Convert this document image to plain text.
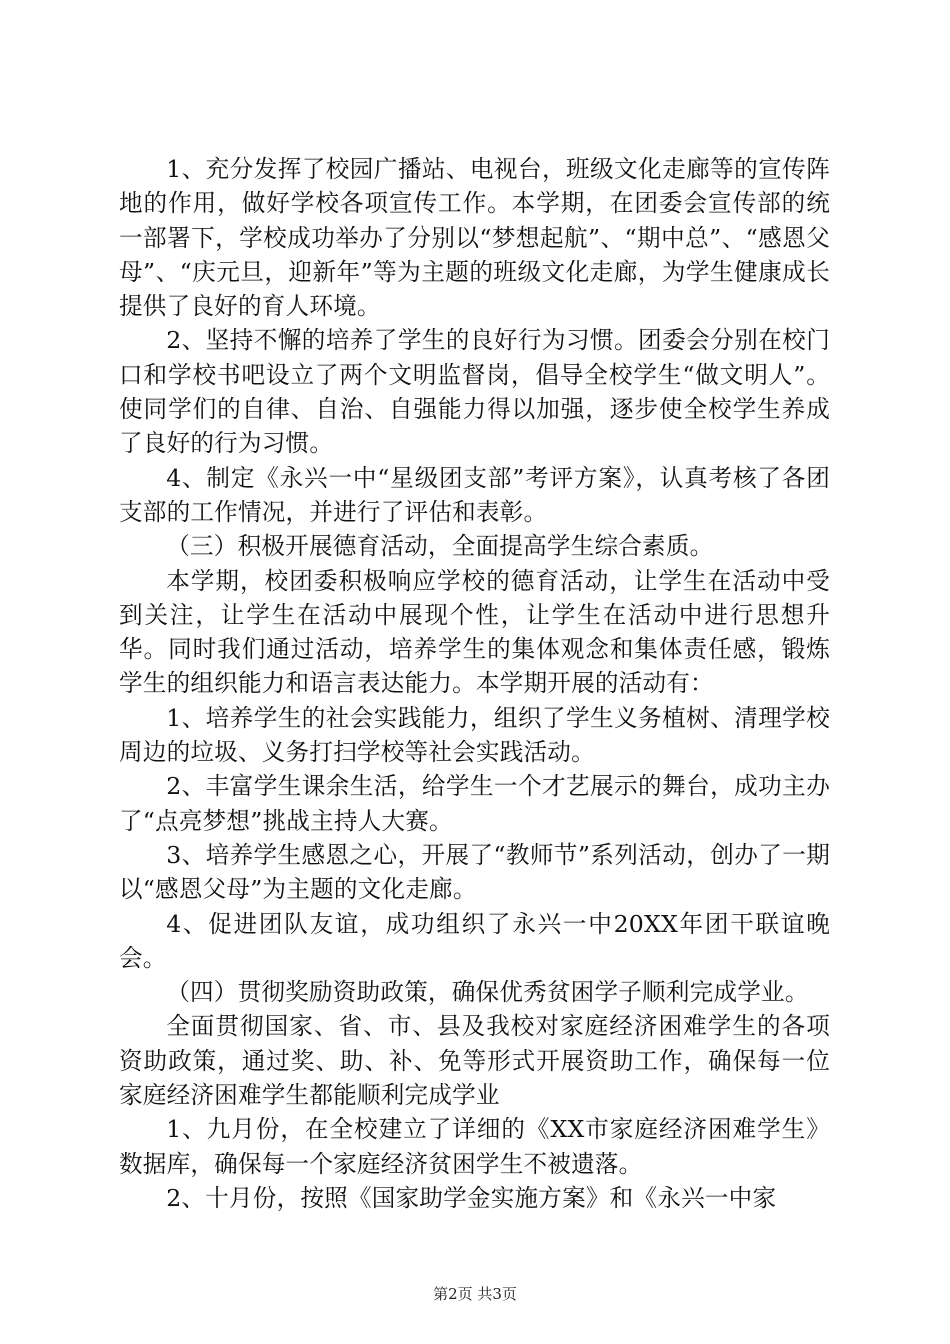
1、充分发挥了校园广播站、电视台，班级文化走廊等的宣传阵地的作用，做好学校各项宣传工作。本学期，在团委会宣传部的统一部署下，学校成功举办了分别以“梦想起航”、“期中总”、“感恩父母”、“庆元旦，迎新年”等为主题的班级文化走廊，为学生健康成长提供了良好的育人环境。

2、坚持不懈的培养了学生的良好行为习惯。团委会分别在校门口和学校书吧设立了两个文明监督岗，倡导全校学生“做文明人”。使同学们的自律、自治、自强能力得以加强，逐步使全校学生养成了良好的行为习惯。

4、制定《永兴一中“星级团支部”考评方案》，认真考核了各团支部的工作情况，并进行了评估和表彰。

（三）积极开展德育活动，全面提高学生综合素质。

本学期，校团委积极响应学校的德育活动，让学生在活动中受到关注，让学生在活动中展现个性，让学生在活动中进行思想升华。同时我们通过活动，培养学生的集体观念和集体责任感，锻炼学生的组织能力和语言表达能力。本学期开展的活动有：

1、培养学生的社会实践能力，组织了学生义务植树、清理学校周边的垃圾、义务打扫学校等社会实践活动。

2、丰富学生课余生活，给学生一个才艺展示的舞台，成功主办了“点亮梦想”挑战主持人大赛。

3、培养学生感恩之心，开展了“教师节”系列活动，创办了一期以“感恩父母”为主题的文化走廊。

4、促进团队友谊，成功组织了永兴一中20XX年团干联谊晚会。

（四）贯彻奖励资助政策，确保优秀贫困学子顺利完成学业。

全面贯彻国家、省、市、县及我校对家庭经济困难学生的各项资助政策，通过奖、助、补、免等形式开展资助工作，确保每一位家庭经济困难学生都能顺利完成学业

1、九月份，在全校建立了详细的《XX市家庭经济困难学生》数据库，确保每一个家庭经济贫困学生不被遗落。

2、十月份，按照《国家助学金实施方案》和《永兴一中家

第2页 共3页
